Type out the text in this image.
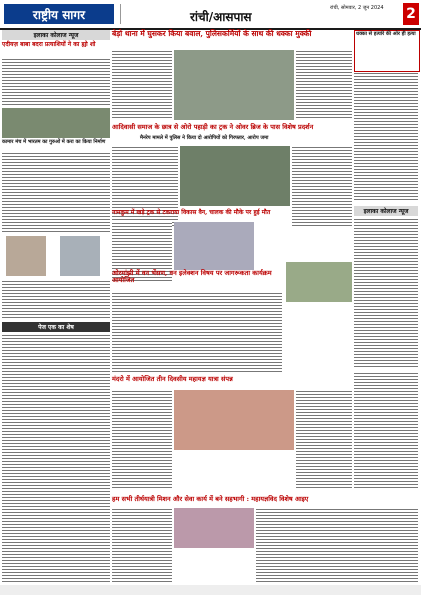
राष्ट्रीय सागर	रांची/आसपास
रांची, सोमवार, 2 जून 2024 2
इलाका कोलाज न्यूज
एदीयज़ बाबा बदरा प्रत्याशियों ने का ह्यो शो
कामार मंच में भारतम का गुरुओं में करा का किया निर्माण
पेज एक का शेष
बेड़ो थाना में घुसकर किया बवाल, पुलिसकर्मियों के साथ की धक्का मुक्की	धक्का से हत्यांरे की ओर ही हत्या
आदिवासी समाज के छात्र से ओरो पहाड़ी का ट्रक ने ओवर ब्रिज के पास विशेष प्रदर्शन
मैनरेप मामले में पुलिस ने किया दो आरोपियों को गिरफ्तार, आरोप जमा
नामकुम में खड़े ट्रक से टकराया विकास वैन, चालक की मौके पर हुई मौत	इलाका कोलाज न्यूज
ओरमांझी में वन भेंसण, वन इलेक्शन विषय पर जागरूकता कार्यक्रम आयोजित
मंदरो में आयोजित तीन दिवसीय महायज्ञ यात्रा संपन्न
हम सभी तीर्थयात्री मिशन और सेवा कार्य में बने सहभागी : महायज्ञविद विशेष आइए
